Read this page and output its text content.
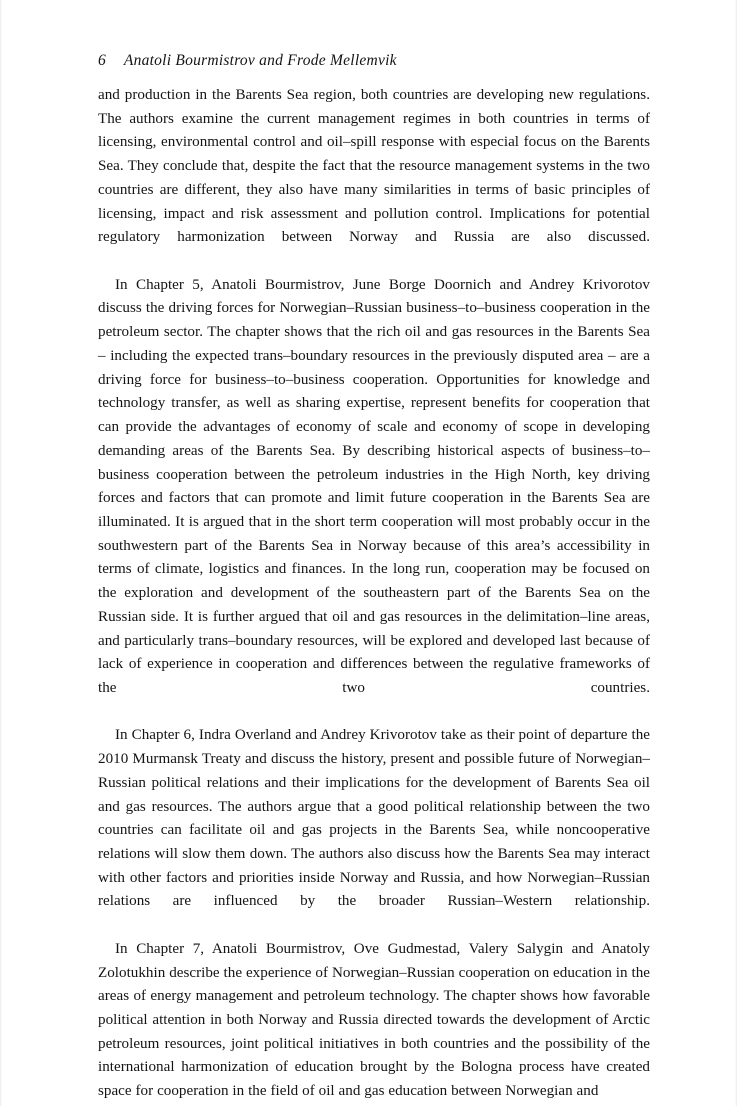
6 Anatoli Bourmistrov and Frode Mellemvik

and production in the Barents Sea region, both countries are developing new regulations. The authors examine the current management regimes in both countries in terms of licensing, environmental control and oil–spill response with especial focus on the Barents Sea. They conclude that, despite the fact that the resource management systems in the two countries are different, they also have many similarities in terms of basic principles of licensing, impact and risk assessment and pollution control. Implications for potential regulatory harmonization between Norway and Russia are also discussed.

In Chapter 5, Anatoli Bourmistrov, June Borge Doornich and Andrey Krivorotov discuss the driving forces for Norwegian–Russian business–to–business cooperation in the petroleum sector. The chapter shows that the rich oil and gas resources in the Barents Sea – including the expected trans–boundary resources in the previously disputed area – are a driving force for business–to–business cooperation. Opportunities for knowledge and technology transfer, as well as sharing expertise, represent benefits for cooperation that can provide the advantages of economy of scale and economy of scope in developing demanding areas of the Barents Sea. By describing historical aspects of business–to–business cooperation between the petroleum industries in the High North, key driving forces and factors that can promote and limit future cooperation in the Barents Sea are illuminated. It is argued that in the short term cooperation will most probably occur in the southwestern part of the Barents Sea in Norway because of this area’s accessibility in terms of climate, logistics and finances. In the long run, cooperation may be focused on the exploration and development of the southeastern part of the Barents Sea on the Russian side. It is further argued that oil and gas resources in the delimitation–line areas, and particularly trans–boundary resources, will be explored and developed last because of lack of experience in cooperation and differences between the regulative frameworks of the two countries.

In Chapter 6, Indra Overland and Andrey Krivorotov take as their point of departure the 2010 Murmansk Treaty and discuss the history, present and possible future of Norwegian–Russian political relations and their implications for the development of Barents Sea oil and gas resources. The authors argue that a good political relationship between the two countries can facilitate oil and gas projects in the Barents Sea, while noncooperative relations will slow them down. The authors also discuss how the Barents Sea may interact with other factors and priorities inside Norway and Russia, and how Norwegian–Russian relations are influenced by the broader Russian–Western relationship.

In Chapter 7, Anatoli Bourmistrov, Ove Gudmestad, Valery Salygin and Anatoly Zolotukhin describe the experience of Norwegian–Russian cooperation on education in the areas of energy management and petroleum technology. The chapter shows how favorable political attention in both Norway and Russia directed towards the development of Arctic petroleum resources, joint political initiatives in both countries and the possibility of the international harmonization of education brought by the Bologna process have created space for cooperation in the field of oil and gas education between Norwegian and
